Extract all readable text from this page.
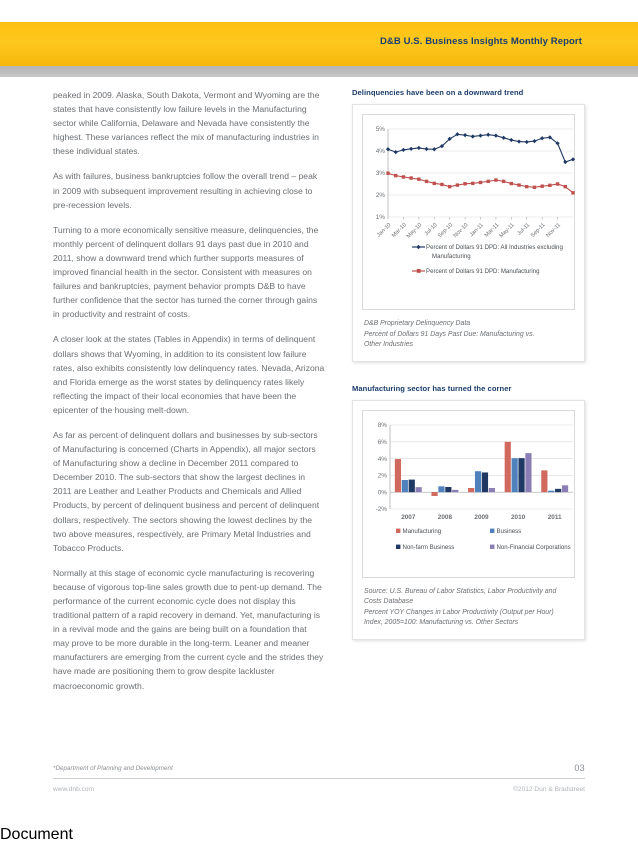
D&B U.S. Business Insights Monthly Report

peaked in 2009. Alaska, South Dakota, Vermont and Wyoming are the states that have consistently low failure levels in the Manufacturing sector while California, Delaware and Nevada have consistently the highest. These variances reflect the mix of manufacturing industries in these individual states.

As with failures, business bankruptcies follow the overall trend – peak in 2009 with subsequent improvement resulting in achieving close to pre-recession levels.

Turning to a more economically sensitive measure, delinquencies, the monthly percent of delinquent dollars 91 days past due in 2010 and 2011, show a downward trend which further supports measures of improved financial health in the sector. Consistent with measures on failures and bankruptcies, payment behavior prompts D&B to have further confidence that the sector has turned the corner through gains in productivity and restraint of costs.

A closer look at the states (Tables in Appendix) in terms of delinquent dollars shows that Wyoming, in addition to its consistent low failure rates, also exhibits consistently low delinquency rates. Nevada, Arizona and Florida emerge as the worst states by delinquency rates likely reflecting the impact of their local economies that have been the epicenter of the housing melt-down.

As far as percent of delinquent dollars and businesses by sub-sectors of Manufacturing is concerned (Charts in Appendix), all major sectors of Manufacturing show a decline in December 2011 compared to December 2010. The sub-sectors that show the largest declines in 2011 are Leather and Leather Products and Chemicals and Allied Products, by percent of delinquent business and percent of delinquent dollars, respectively. The sectors showing the lowest declines by the two above measures, respectively, are Primary Metal Industries and Tobacco Products.

Normally at this stage of economic cycle manufacturing is recovering because of vigorous top-line sales growth due to pent-up demand. The performance of the current economic cycle does not display this traditional pattern of a rapid recovery in demand. Yet, manufacturing is in a revival mode and the gains are being built on a foundation that may prove to be more durable in the long-term. Leaner and meaner manufacturers are emerging from the current cycle and the strides they have made are positioning them to grow despite lackluster macroeconomic growth.

Delinquencies have been on a downward trend
1%
2%
3%
4%
5%
Jan-10
Mar-10
May-10 Jul-10
Sep-10
Nov-10 Jan-11
Mar-11
May-11 Jul-11
Sep-11
Nov-11
Percent of Dollars 91 DPD: All Industries excluding
Manufacturing
Percent of Dollars 91 DPD: Manufacturing
D&B Proprietary Delinquency Data
Percent of Dollars 91 Days Past Due: Manufacturing vs.
Other Industries
Manufacturing sector has turned the corner
-2%
0%
2%
4%
6%
8%
2007	2008	2009	2010	2011
Manufacturing	Business
Non-farm Business	Non-Financial Corporations
Source: U.S. Bureau of Labor Statistics, Labor Productivity and
Costs Database
Percent YOY Changes in Labor Productivity (Output per Hour)
Index, 2005=100: Manufacturing vs. Other Sectors
*Department of Planning and Development	03
www.dnb.com	©2012 Dun & Bradstreet
Document
